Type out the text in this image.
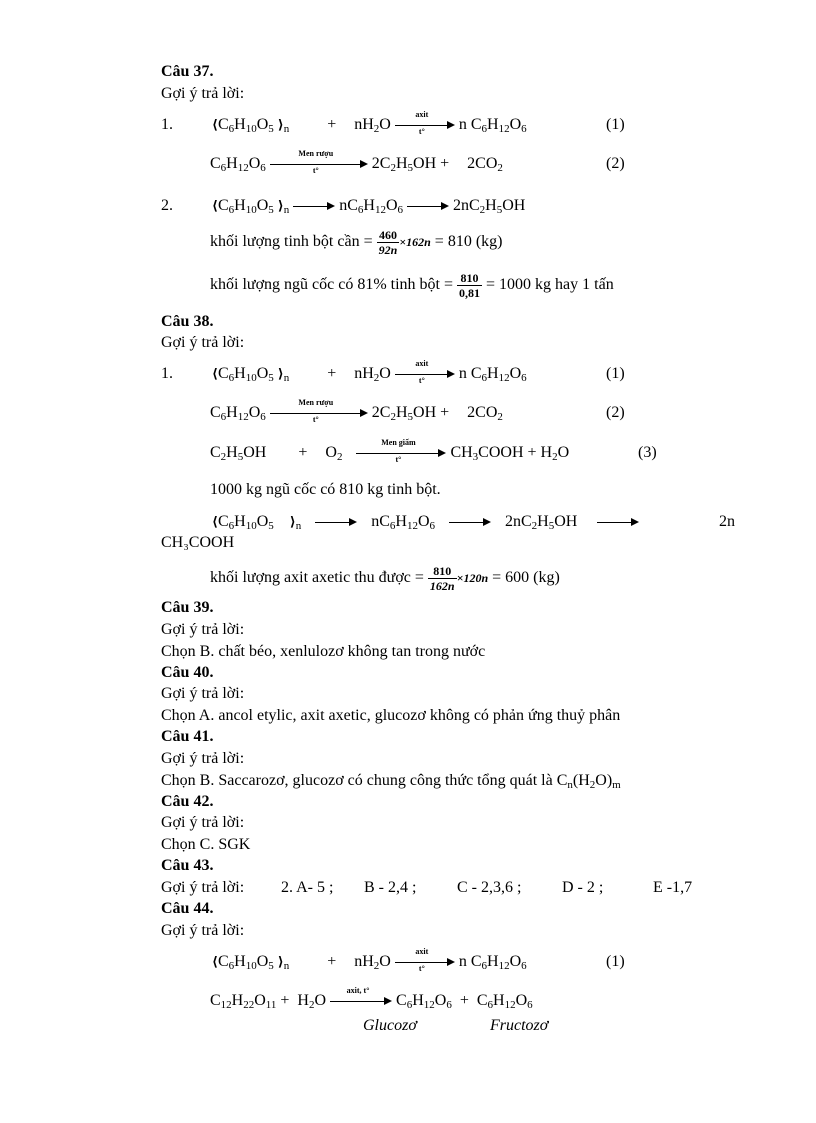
Câu 37.
Gợi ý trả lời:
1.	$⟨C_6H_{10}O_5$ $⟩_n + nH_2O$
axit
t°	n $C_6H_{12}O_6$	(1)
$C_6H_{12}O_6$
Men rượu
t°	$2C_2H_5OH + 2CO_2$	(2)
2.	$⟨C_6H_{10}O_5$ $⟩_n$	$nC_6H_{12}O_6$	$2nC_2H_5OH$
khối lượng tinh bột cần = $\frac{460}{92n} \times 162n = 810$ (kg)
khối lượng ngũ cốc có 81% tinh bột = $\frac{810}{0,81} = 1000$ kg hay 1 tấn
Câu 38.
Gợi ý trả lời:
1.	$⟨C_6H_{10}O_5$ $⟩_n + nH_2O$
axit
t°	n $C_6H_{12}O_6$	(1)
$C_6H_{12}O_6$
Men rượu
t°	$2C_2H_5OH + 2CO_2$	(2)
$C_2H_5OH + O_2$
Men giấm
t°	$CH_3COOH + H_2O$	(3)
1000 kg ngũ cốc có 810 kg tinh bột.
$⟨C_6H_{10}O_5$ $⟩_n$	$nC_6H_{12}O_6$	$2nC_2H_5OH$	2n
CH₃COOH
khối lượng axit axetic thu được = $\frac{810}{162n} \times 120n = 600$ (kg)
Câu 39.
Gợi ý trả lời:
Chọn B. chất béo, xenlulozơ không tan trong nước
Câu 40.
Gợi ý trả lời:
Chọn A. ancol etylic, axit axetic, glucozơ không có phản ứng thuỷ phân
Câu 41.
Gợi ý trả lời:
Chọn B. Saccarozơ, glucozơ có chung công thức tổng quát là $C_n(H_2O)_m$
Câu 42.
Gợi ý trả lời:
Chọn C. SGK
Câu 43.
Gợi ý trả lời: 2. A- 5 ; B - 2,4 ;	C - 2,3,6 ;	D - 2 ;	E -1,7
Câu 44.
Gợi ý trả lời:
$⟨C_6H_{10}O_5$ $⟩_n + nH_2O$
axit
t°	n $C_6H_{12}O_6$	(1)
$C_{12}H_{22}O_{11} + H_2O$
axit, t°
$C_6H_{12}O_6 + C_6H_{12}O_6$
Glucozơ	Fructozơ
